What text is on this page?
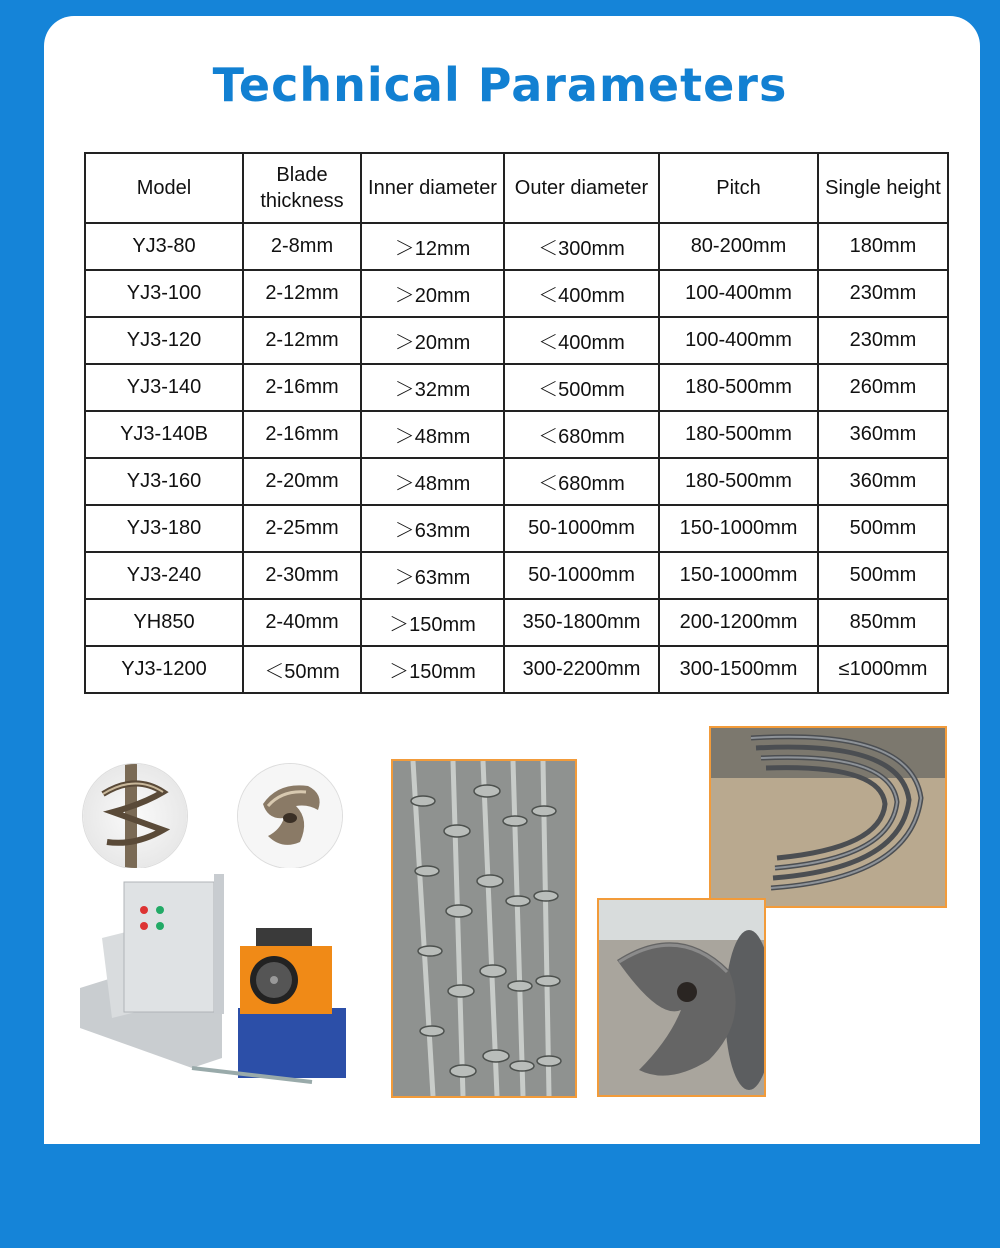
Technical Parameters
Model	Blade thickness	Inner diameter	Outer diameter	Pitch	Single height
YJ3-80	2-8mm	＞12mm	＜300mm	80-200mm	180mm
YJ3-100	2-12mm	＞20mm	＜400mm	100-400mm	230mm
YJ3-120	2-12mm	＞20mm	＜400mm	100-400mm	230mm
YJ3-140	2-16mm	＞32mm	＜500mm	180-500mm	260mm
YJ3-140B	2-16mm	＞48mm	＜680mm	180-500mm	360mm
YJ3-160	2-20mm	＞48mm	＜680mm	180-500mm	360mm
YJ3-180	2-25mm	＞63mm	50-1000mm	150-1000mm	500mm
YJ3-240	2-30mm	＞63mm	50-1000mm	150-1000mm	500mm
YH850	2-40mm	＞150mm	350-1800mm	200-1200mm	850mm
YJ3-1200	＜50mm	＞150mm	300-2200mm	300-1500mm	≤1000mm
